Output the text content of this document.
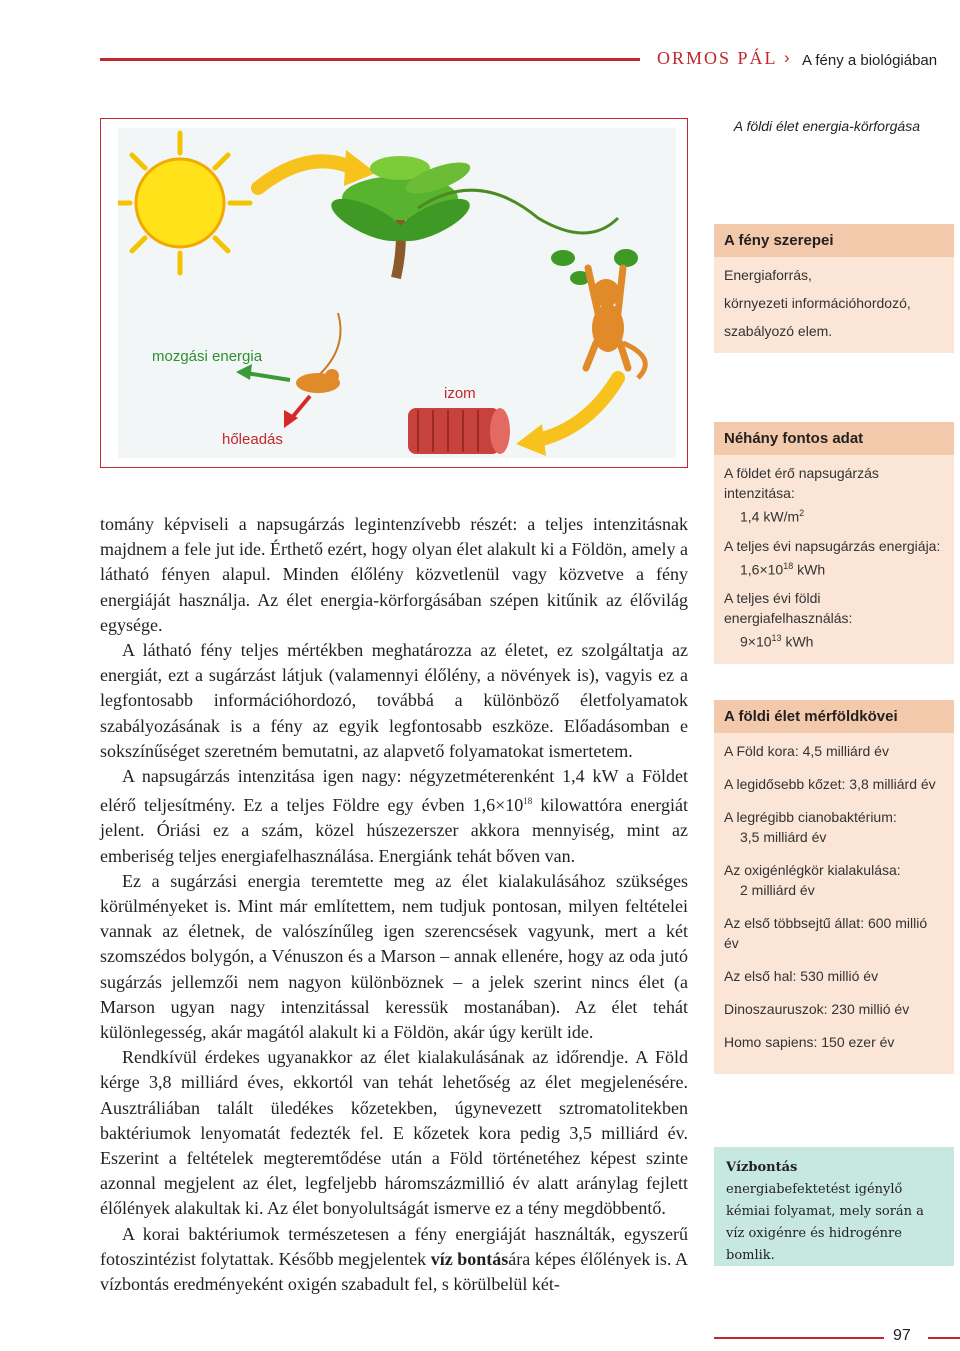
ORMOS PÁL › A fény a biológiában
A földi élet energia-körforgása
mozgási energia
izom
hőleadás
A fény szerepei
Energiaforrás,
környezeti információhordozó,
szabályozó elem.
Néhány fontos adat
A földet érő napsugárzás intenzitása:
1,4 $kW/m^2$
A teljes évi napsugárzás energiája:
$1,6\times 10^{18}$ kWh
A teljes évi földi energiafelhasználás:
$9\times 10^{13}$ kWh
A földi élet mérföldkövei
A Föld kora: 4,5 milliárd év
A legidősebb kőzet: 3,8 milliárd év
A legrégibb cianobaktérium:
3,5 milliárd év
Az oxigénlégkör kialakulása:
2 milliárd év
Az első többsejtű állat: 600 millió év
Az első hal: 530 millió év
Dinoszauruszok: 230 millió év
Homo sapiens: 150 ezer év
Vízbontás
energiabefektetést igénylő kémiai folyamat, mely során a víz oxigénre és hidrogénre bomlik.

tomány képviseli a napsugárzás legintenzívebb részét: a teljes intenzitásnak majdnem a fele jut ide. Érthető ezért, hogy olyan élet alakult ki a Földön, amely a látható fényen alapul. Minden élőlény közvetlenül vagy közvetve a fény energiáját használja. Az élet energia-körforgásában szépen kitűnik az élővilág egysége.

A látható fény teljes mértékben meghatározza az életet, ez szolgáltatja az energiát, ezt a sugárzást látjuk (valamennyi élőlény, a növények is), vagyis ez a legfontosabb információhordozó, továbbá a különböző életfolyamatok szabályozásának is a fény az egyik legfontosabb eszköze. Előadásomban e sokszínűséget szeretném bemutatni, az alapvető folyamatokat ismertetem.

A napsugárzás intenzitása igen nagy: négyzetméterenként 1,4 kW a Földet elérő teljesítmény. Ez a teljes Földre egy évben $1,6\times 10^{18}$ kilowattóra energiát jelent. Óriási ez a szám, közel húszezerszer akkora mennyiség, mint az emberiség teljes energiafelhasználása. Energiánk tehát bőven van.

Ez a sugárzási energia teremtette meg az élet kialakulásához szükséges körülményeket is. Mint már említettem, nem tudjuk pontosan, milyen feltételei vannak az életnek, de valószínűleg igen szerencsések vagyunk, mert a két szomszédos bolygón, a Vénuszon és a Marson – annak ellenére, hogy az oda jutó sugárzás jellemzői nem nagyon különböznek – a jelek szerint nincs élet (a Marson ugyan nagy intenzitással keressük mostanában). Az élet tehát különlegesség, akár magától alakult ki a Földön, akár úgy került ide.

Rendkívül érdekes ugyanakkor az élet kialakulásának az időrendje. A Föld kérge 3,8 milliárd éves, ekkortól van tehát lehetőség az élet megjelenésére. Ausztráliában talált üledékes kőzetekben, úgynevezett sztromatolitekben baktériumok lenyomatát fedezték fel. E kőzetek kora pedig 3,5 milliárd év. Eszerint a feltételek megteremtődése után a Föld történetéhez képest szinte azonnal megjelent az élet, legfeljebb háromszázmillió év alatt aránylag fejlett élőlények alakultak ki. Az élet bonyolultságát ismerve ez a tény megdöbbentő.

A korai baktériumok természetesen a fény energiáját használták, egyszerű fotoszintézist folytattak. Később megjelentek víz bontására képes élőlények is. A vízbontás eredményeként oxigén szabadult fel, s körülbelül két-

97
